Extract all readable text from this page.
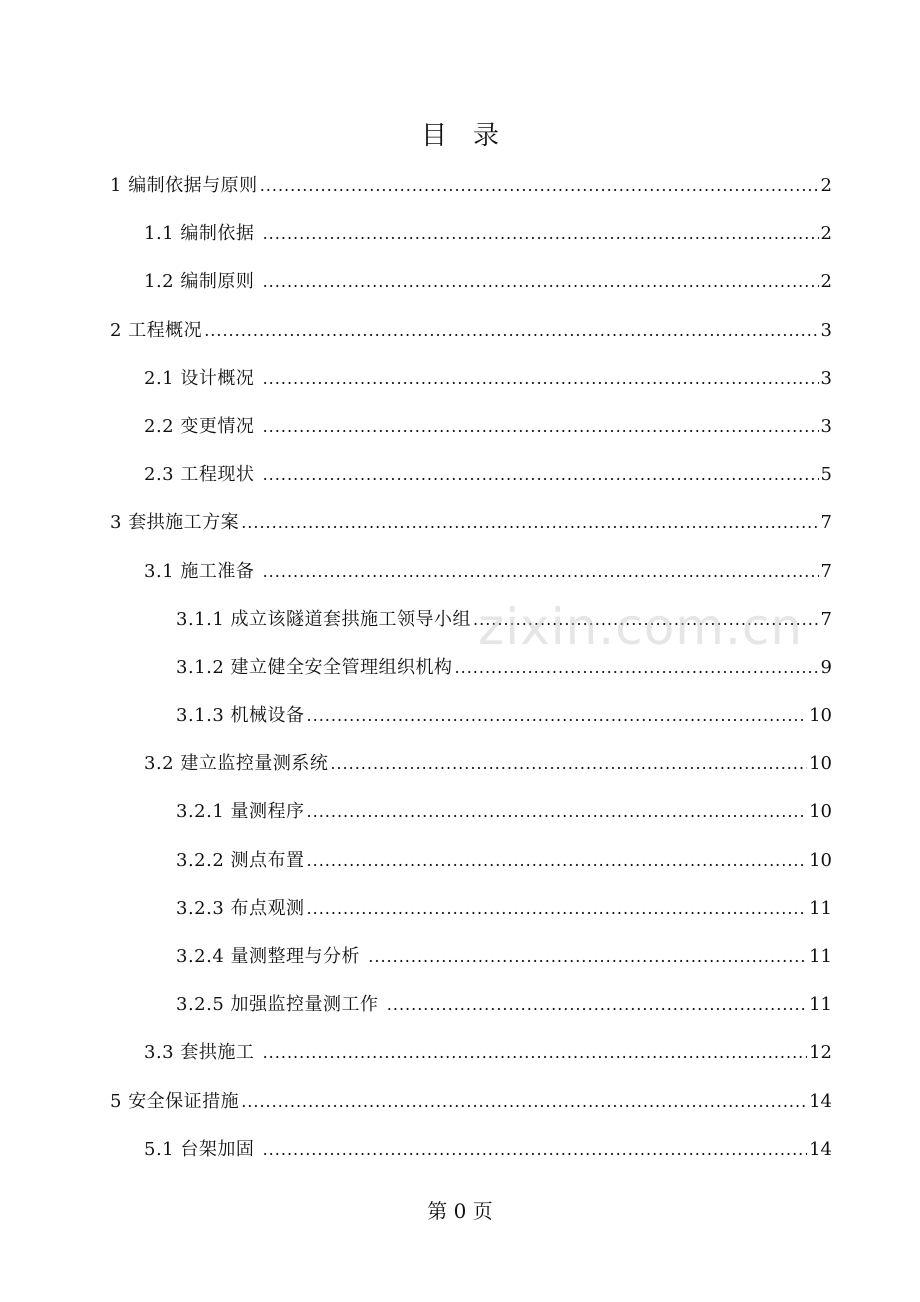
目　录
1 编制依据与原则 .....	2
1.1 编制依据 .....	2
1.2 编制原则 .....	2
2 工程概况 .....	3
2.1 设计概况 .....	3
2.2 变更情况 .....	3
2.3 工程现状 .....	5
3 套拱施工方案 .....	7
3.1 施工准备 .....	7
3.1.1 成立该隧道套拱施工领导小组 .....	7
3.1.2 建立健全安全管理组织机构 .....	9
3.1.3 机械设备 .....	10
3.2 建立监控量测系统 .....	10
3.2.1 量测程序 .....	10
3.2.2 测点布置 .....	10
3.2.3 布点观测 .....	11
3.2.4 量测整理与分析 .....	11
3.2.5 加强监控量测工作 .....	11
3.3 套拱施工 .....	12
5 安全保证措施 .....	14
5.1 台架加固 .....	14
zixin.com.cn
第 0 页
